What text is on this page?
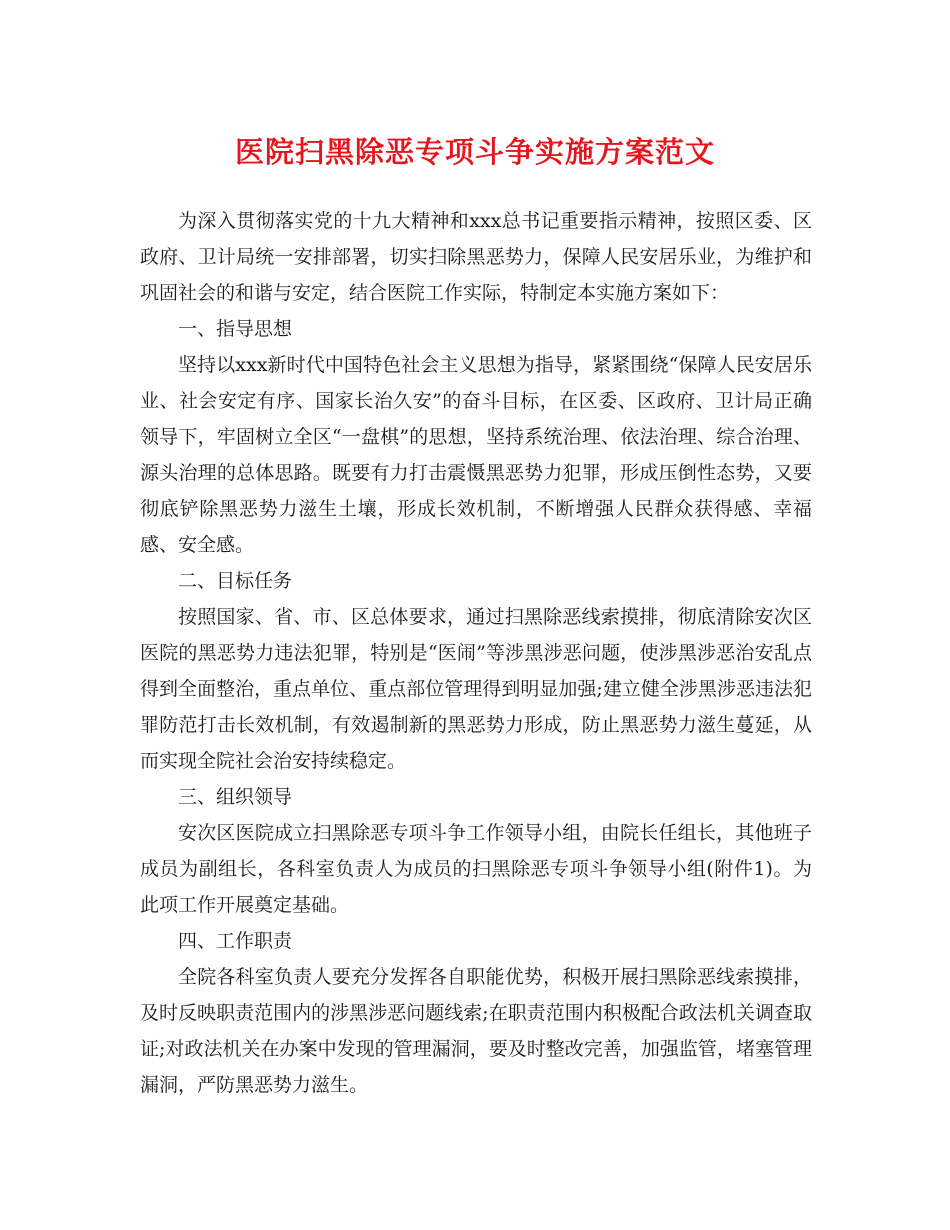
医院扫黑除恶专项斗争实施方案范文

为深入贯彻落实党的十九大精神和xxx总书记重要指示精神，按照区委、区政府、卫计局统一安排部署，切实扫除黑恶势力，保障人民安居乐业，为维护和巩固社会的和谐与安定，结合医院工作实际，特制定本实施方案如下：

一、指导思想

坚持以xxx新时代中国特色社会主义思想为指导，紧紧围绕“保障人民安居乐业、社会安定有序、国家长治久安”的奋斗目标，在区委、区政府、卫计局正确领导下，牢固树立全区“一盘棋”的思想，坚持系统治理、依法治理、综合治理、源头治理的总体思路。既要有力打击震慑黑恶势力犯罪，形成压倒性态势，又要彻底铲除黑恶势力滋生土壤，形成长效机制，不断增强人民群众获得感、幸福感、安全感。

二、目标任务

按照国家、省、市、区总体要求，通过扫黑除恶线索摸排，彻底清除安次区医院的黑恶势力违法犯罪，特别是“医闹”等涉黑涉恶问题，使涉黑涉恶治安乱点得到全面整治，重点单位、重点部位管理得到明显加强;建立健全涉黑涉恶违法犯罪防范打击长效机制，有效遏制新的黑恶势力形成，防止黑恶势力滋生蔓延，从而实现全院社会治安持续稳定。

三、组织领导

安次区医院成立扫黑除恶专项斗争工作领导小组，由院长任组长，其他班子成员为副组长，各科室负责人为成员的扫黑除恶专项斗争领导小组(附件1)。为此项工作开展奠定基础。

四、工作职责

全院各科室负责人要充分发挥各自职能优势，积极开展扫黑除恶线索摸排，及时反映职责范围内的涉黑涉恶问题线索;在职责范围内积极配合政法机关调查取证;对政法机关在办案中发现的管理漏洞，要及时整改完善，加强监管，堵塞管理漏洞，严防黑恶势力滋生。
